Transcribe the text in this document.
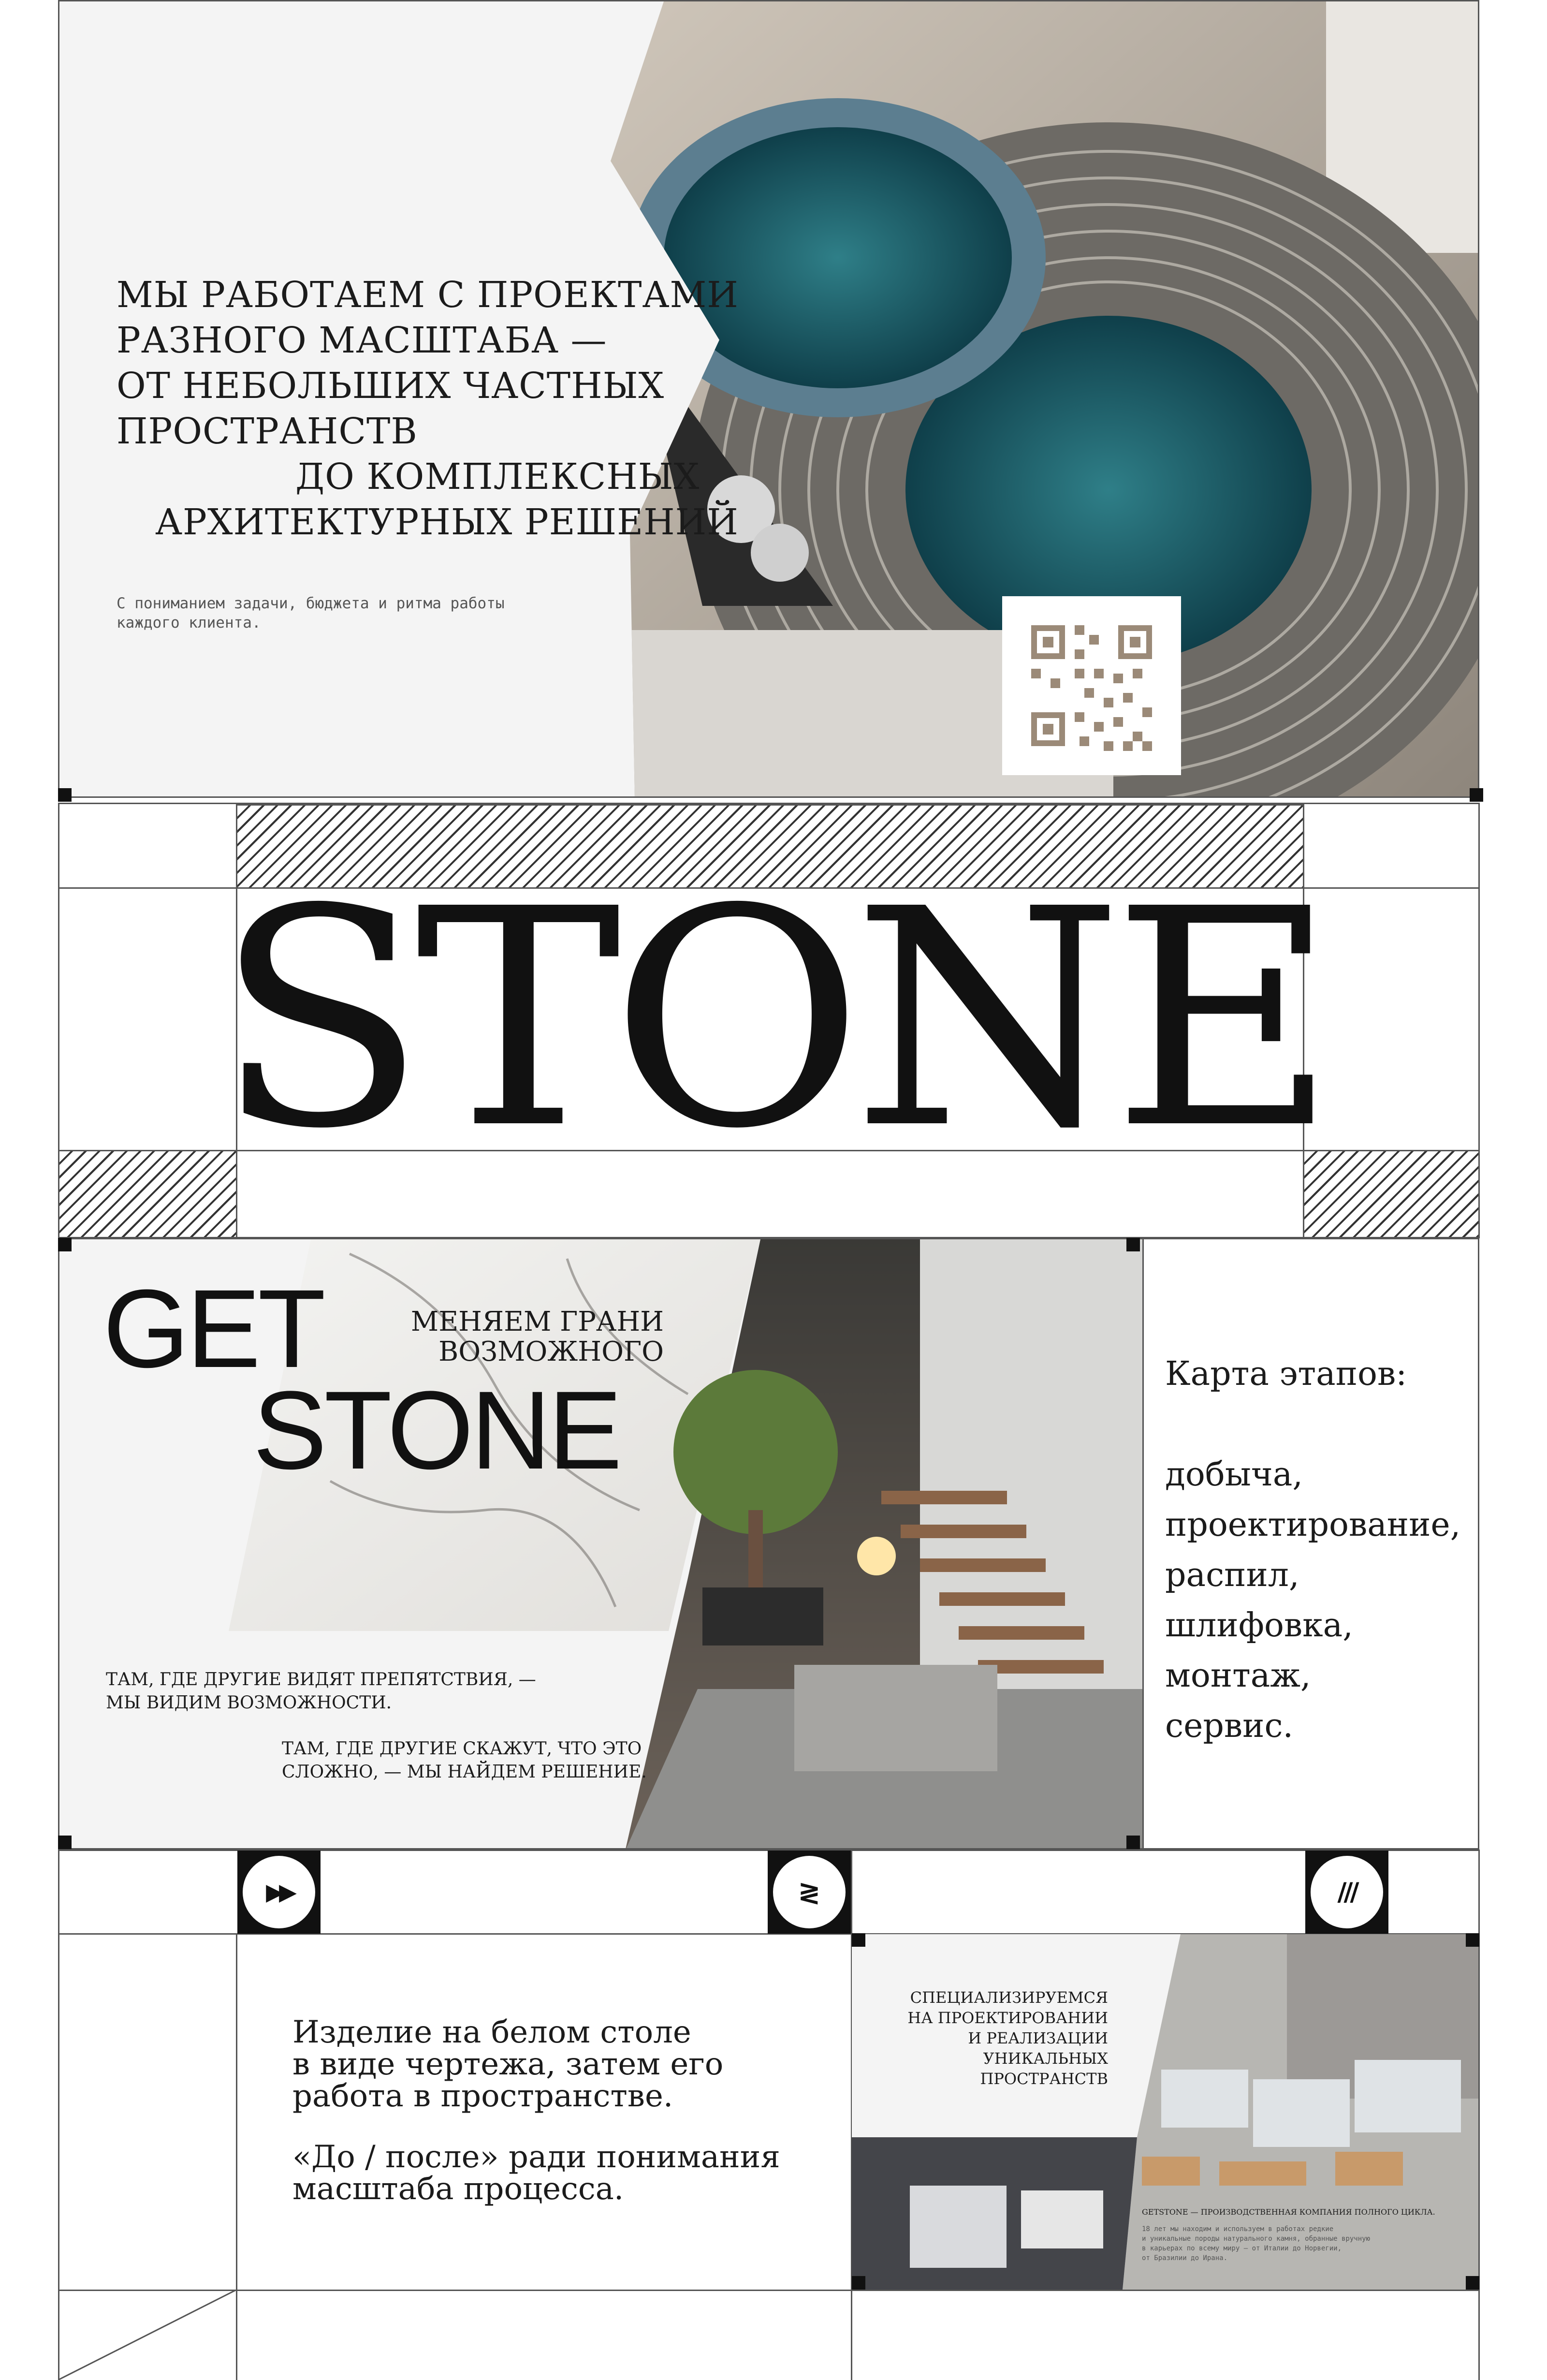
МЫ РАБОТАЕМ С ПРОЕКТАМИ
РАЗНОГО МАСШТАБА —
ОТ НЕБОЛЬШИХ ЧАСТНЫХ
ПРОСТРАНСТВ
ДО КОМПЛЕКСНЫХ
АРХИТЕКТУРНЫХ РЕШЕНИЙ
С пониманием задачи, бюджета и ритма работы
каждого клиента.
STONE
GET
STONE
МЕНЯЕМ ГРАНИ
ВОЗМОЖНОГО
ТАМ, ГДЕ ДРУГИЕ ВИДЯТ ПРЕПЯТСТВИЯ, —
МЫ ВИДИМ ВОЗМОЖНОСТИ.
ТАМ, ГДЕ ДРУГИЕ СКАЖУТ, ЧТО ЭТО
СЛОЖНО, — МЫ НАЙДЕМ РЕШЕНИЕ.
Карта этапов:
добыча,
проектирование,
распил,
шлифовка,
монтаж,
сервис.
▶▶	≷	///
Изделие на белом столе
в виде чертежа, затем его
работа в пространстве.
«До / после» ради понимания
масштаба процесса.
СПЕЦИАЛИЗИРУЕМСЯ
НА ПРОЕКТИРОВАНИИ
И РЕАЛИЗАЦИИ УНИКАЛЬНЫХ
ПРОСТРАНСТВ
GETSTONE — ПРОИЗВОДСТВЕННАЯ КОМПАНИЯ ПОЛНОГО ЦИКЛА.
18 лет мы находим и используем в работах редкие
и уникальные породы натурального камня, обранные вручную
в карьерах по всему миру — от Италии до Норвегии,
от Бразилии до Ирана.
